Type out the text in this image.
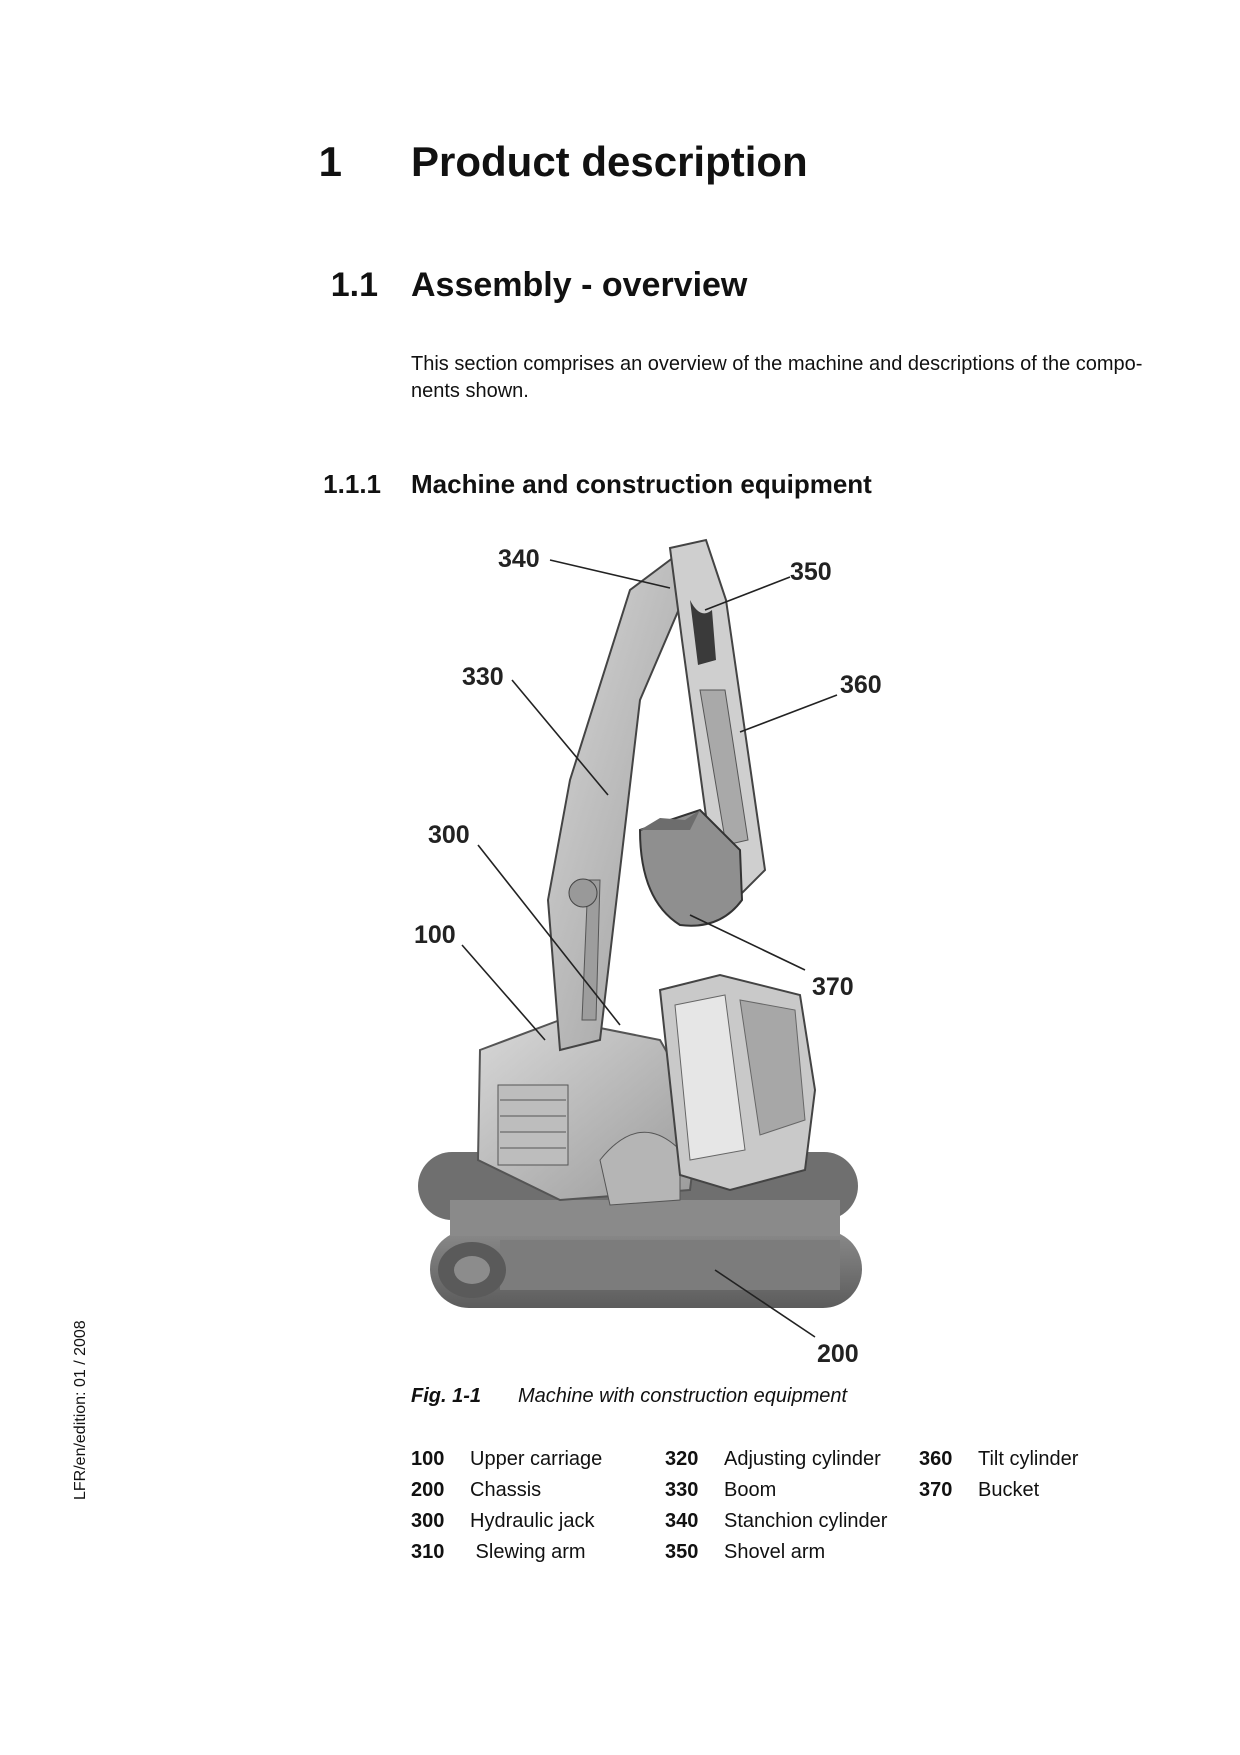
1 Product description
1.1 Assembly - overview
This section comprises an overview of the machine and descriptions of the compo- nents shown.
1.1.1 Machine and construction equipment
LFR/en/edition: 01 / 2008
340	350
330	360
300
100
370
200
Fig. 1-1 Machine with construction equipment
100 Upper carriage
200 Chassis
300 Hydraulic jack
310 Slewing arm
320 Adjusting cylinder
330 Boom
340 Stanchion cylinder
350 Shovel arm
360 Tilt cylinder
370 Bucket
